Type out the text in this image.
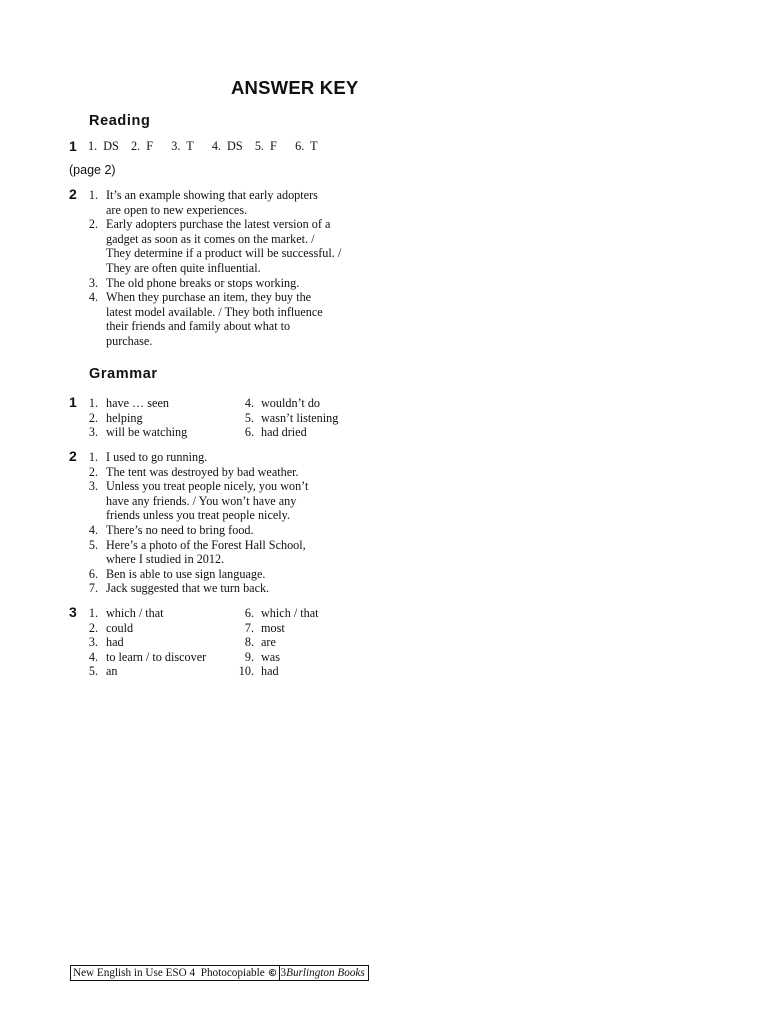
ANSWER KEY
Reading
1 1.  DS    2.  F      3.  T      4.  DS    5.  F      6.  T
(page 2)
2 1. It’s an example showing that early adopters
are open to new experiences.
2. Early adopters purchase the latest version of a
gadget as soon as it comes on the market. /
They determine if a product will be successful. /
They are often quite influential.
3. The old phone breaks or stops working.
4. When they purchase an item, they buy the
latest model available. / They both influence
their friends and family about what to
purchase.
Grammar
1 1. have … seen
2. helping
3. will be watching
4. wouldn’t do
5. wasn’t listening
6. had dried
2 1. I used to go running.
2. The tent was destroyed by bad weather.
3. Unless you treat people nicely, you won’t
have any friends. / You won’t have any
friends unless you treat people nicely.
4. There’s no need to bring food.
5. Here’s a photo of the Forest Hall School,
where I studied in 2012.
6. Ben is able to use sign language.
7. Jack suggested that we turn back.
3 1. which / that
2. could
3. had
4. to learn / to discover
5. an
6. which / that
7. most
8. are
9. was
10. had
New English in Use ESO 4 Photocopiable © 3Burlington Books
